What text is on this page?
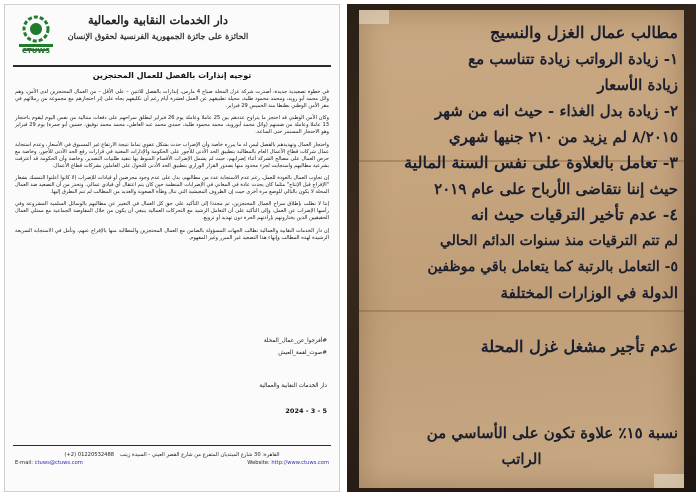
دار الخدمات النقابية والعمالية
الحائزة على جائزة الجمهورية الفرنسية لحقوق الإنسان
CTUWS
توجيه إنذارات بالفصل للعمال المحتجزين

في خطوة تصعيدية جديدة، أصدرت شركة غزل المحلة صباح 4 مارس، إنذارات بالفصل للاثنين – على الأقل – من العمال المحتجزين لدى الأمن، وهم وائل محمد أبو زويد، ومحمد محمود طلبة، محيلة تطبيقهم عن العمل لعشرة أيام رغم أن تكليفهم بجاه على إثر احتجازهم مع مجموعة من زملائهم في مقر الأمن الوطني بطنطا منذ الخميس 29 فبراير.

وكان الأمن الوطني قد احتجز ما يتراوح عددهم بين 25 عاملا وعاملة يوم 26 فبراير لبطلق سراحهم على دفعات متتالية من نفس اليوم ليقوم باحتجاز 13 عاملا وعاملة من ضمنهم (وائل محمد أبوزويد، محمد محمود طلبة، حمدي محمد عبد العاطي، محمد محمد توفيق، حسين أبو جمرة) يوم 29 فبراير وهو الاحتجاز المستمر حتى الساعة.

واحتجاز العمال وتهديدهم بالفصل ليس له ما يبرره خاصة وأن الإضراب حدث بشكل عفوي تماما نتيجة الارتفاع غير المسبوق في الأسعار، وعدم استجابة عمال شركات قطاع الأعمال العام بالمطالبة بتطبيق الحد الأدنى للأجور على الحكومة والإدارات المعنية في قرارات رفع الحد الأدنى للأجور، وخاصة مع حرص العمال على مصالح الشركة أثناء إضرابهم، حيث لم يشمل الإضراب الأقسام المنوط بها تنفيذ طلبيات التصدير، وخاصة وأن الحكومة قد أعترفت بشرعية مطالبهم واستجابت لجزء محدود منها بصدور القرار الوزاري بتطبيق الحد الأدنى للتحول على العاملين بشركات قطاع الأعمال.

إن تجاوب العمال بالعودة للعمل، رغم عدم الاستجابة عدد من مطالبهم، بدل على عدم وجود محرضين أو قيادات للإضراب (لا كانوا أعلنوا التمسك بشعار "الإفراج قبل الإنتاج" مثلما كان يحدث عادة في المعاني في الإضرابات المنظمة حين كان يتم اعتقال أي قيادي عمالي. وتحذر من أن التصعيد ضد العمال المحلة لا يكون بالتالي للوضع مرة أخرى حيث إن الظروف المعيشية التي تنال وطأة الصعوبة والعديد من المطالب لم تنم النطرق إليها.

إننا لا نطلب بإطلاق سراح العمال المحتجزين، ثم مجددا إلى التأكيد على حق كل العمال في التعبير عن مطالبهم بالوسائل السلمية المشروعة وفي رأسها الإضراب عن العمل، وإلى التأكيد على أن التعامل الرشيد مع التحركات العمالية ينبغي أن يكون من خلال المفاوضة الجماعية مع ممثلي العمال الحقيقيين الذين يختارونهم بإرادتهم الحرة دون تهديد أو ترويع.

إن دار الخدمات النقابية والعمالية تطالب الجهات المسؤولة بالضامن مع العمال المحتجزين والمطالبة منها بالإفراج عنهم، وتأمل في الاستجابة السريعة الرشيدة لهذه المطالب وإنهاء هذا التصعيد غير المبرر وغير المفهوم.

#أفرجوا_عن_عمال_المحلة
#صوت_لقمة_العيش
دار الخدمات النقابية والعمالية
2024 - 3 - 5
القاهرة: 30 شارع المبتديان المتفرع من شارع القصر العيني - السيدة زينب (+2) 01220532488
E-mail: ctuws@ctuws.com	Website: http://www.ctuws.com
مطالب عمال الغزل والنسيج
١- زيادة الرواتب زيادة تتناسب مع
زيادة الأسعار
٢- زيادة بدل الغذاء - حيث انه من شهر
٨/٢٠١٥ لم يزيد من ٢١٠ جنيها شهري
٣- تعامل بالعلاوة على نفس السنة المالية
حيث إننا نتقاضى الأرباح على عام ٢٠١٩
٤- عدم تأخير الترقيات حيث انه
لم تتم الترقيات منذ سنوات الدائم الحالي
٥- التعامل بالرتبة كما يتعامل باقي موظفين
الدولة في الوزارات المختلفة
عدم تأجير مشغل غزل المحلة
نسبة ١٥٪ علاوة تكون على الأساسي من
الراتب
